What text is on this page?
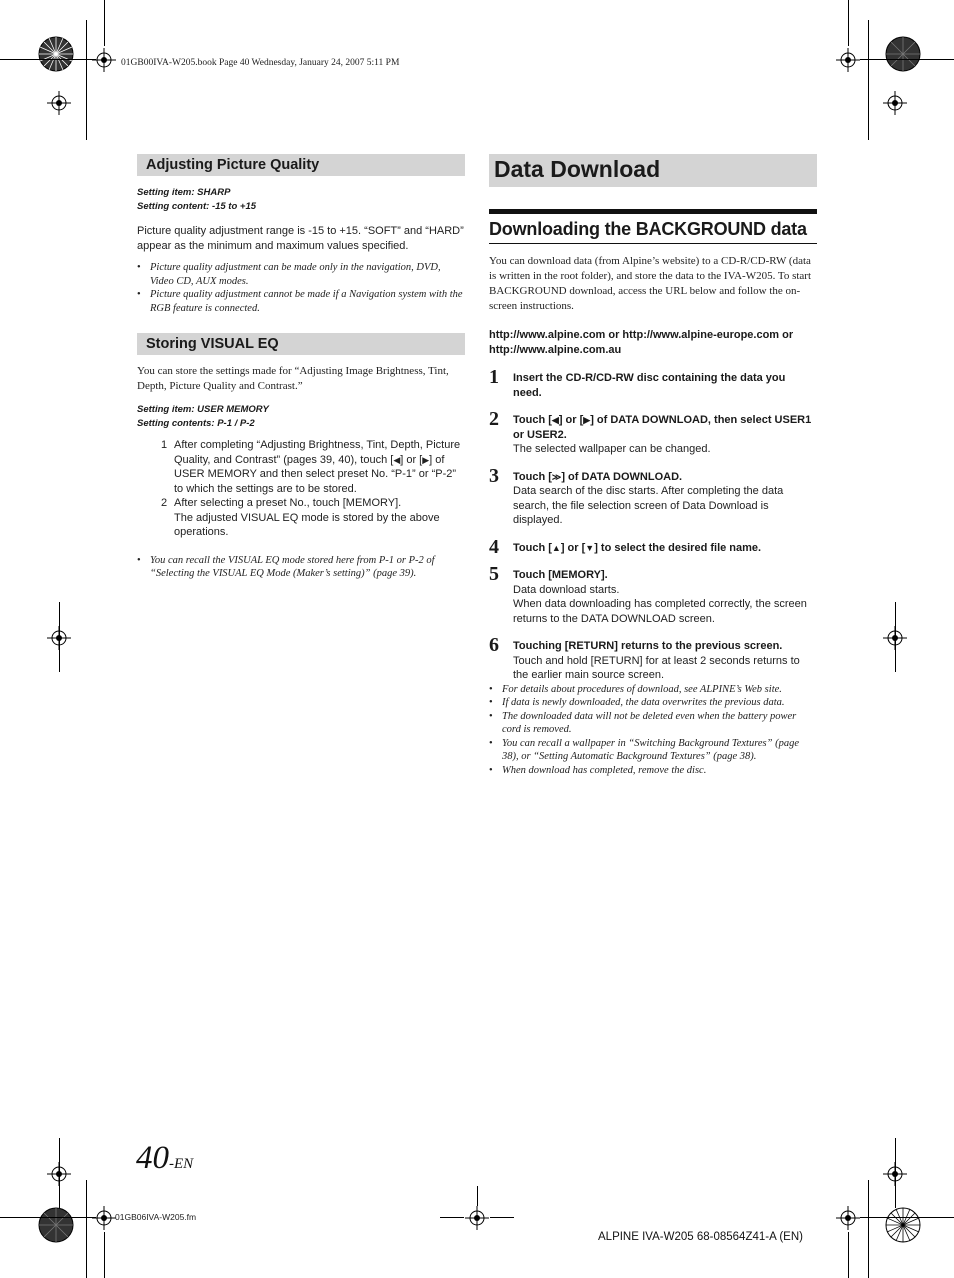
01GB00IVA-W205.book Page 40 Wednesday, January 24, 2007 5:11 PM
Adjusting Picture Quality
Setting item: SHARP
Setting content: -15 to +15
Picture quality adjustment range is -15 to +15. “SOFT” and “HARD” appear as the minimum and maximum values specified.
• Picture quality adjustment can be made only in the navigation, DVD, Video CD, AUX modes.
• Picture quality adjustment cannot be made if a Navigation system with the RGB feature is connected.
Storing VISUAL EQ
You can store the settings made for “Adjusting Image Brightness, Tint, Depth, Picture Quality and Contrast.”
Setting item: USER MEMORY
Setting contents: P-1 / P-2
1 After completing “Adjusting Brightness, Tint, Depth, Picture Quality, and Contrast” (pages 39, 40), touch [◀] or [▶] of USER MEMORY and then select preset No. “P-1” or “P-2” to which the settings are to be stored.
2 After selecting a preset No., touch [MEMORY].
The adjusted VISUAL EQ mode is stored by the above operations.
• You can recall the VISUAL EQ mode stored here from P-1 or P-2 of “Selecting the VISUAL EQ Mode (Maker’s setting)” (page 39).
Data Download
Downloading the BACKGROUND data
You can download data (from Alpine’s website) to a CD-R/CD-RW (data is written in the root folder), and store the data to the IVA-W205. To start BACKGROUND download, access the URL below and follow the on-screen instructions.
http://www.alpine.com or http://www.alpine-europe.com or http://www.alpine.com.au
1 Insert the CD-R/CD-RW disc containing the data you need.
2 Touch [◀] or [▶] of DATA DOWNLOAD, then select USER1 or USER2.
The selected wallpaper can be changed.
3 Touch [≫] of DATA DOWNLOAD.
Data search of the disc starts. After completing the data search, the file selection screen of Data Download is displayed.
4 Touch [▲] or [▼] to select the desired file name.
5 Touch [MEMORY].
Data download starts.
When data downloading has completed correctly, the screen returns to the DATA DOWNLOAD screen.
6 Touching [RETURN] returns to the previous screen.
Touch and hold [RETURN] for at least 2 seconds returns to the earlier main source screen.
• For details about procedures of download, see ALPINE’s Web site.
• If data is newly downloaded, the data overwrites the previous data.
• The downloaded data will not be deleted even when the battery power cord is removed.
• You can recall a wallpaper in “Switching Background Textures” (page 38), or “Setting Automatic Background Textures” (page 38).
• When download has completed, remove the disc.
40-EN
01GB06IVA-W205.fm
ALPINE IVA-W205 68-08564Z41-A (EN)
